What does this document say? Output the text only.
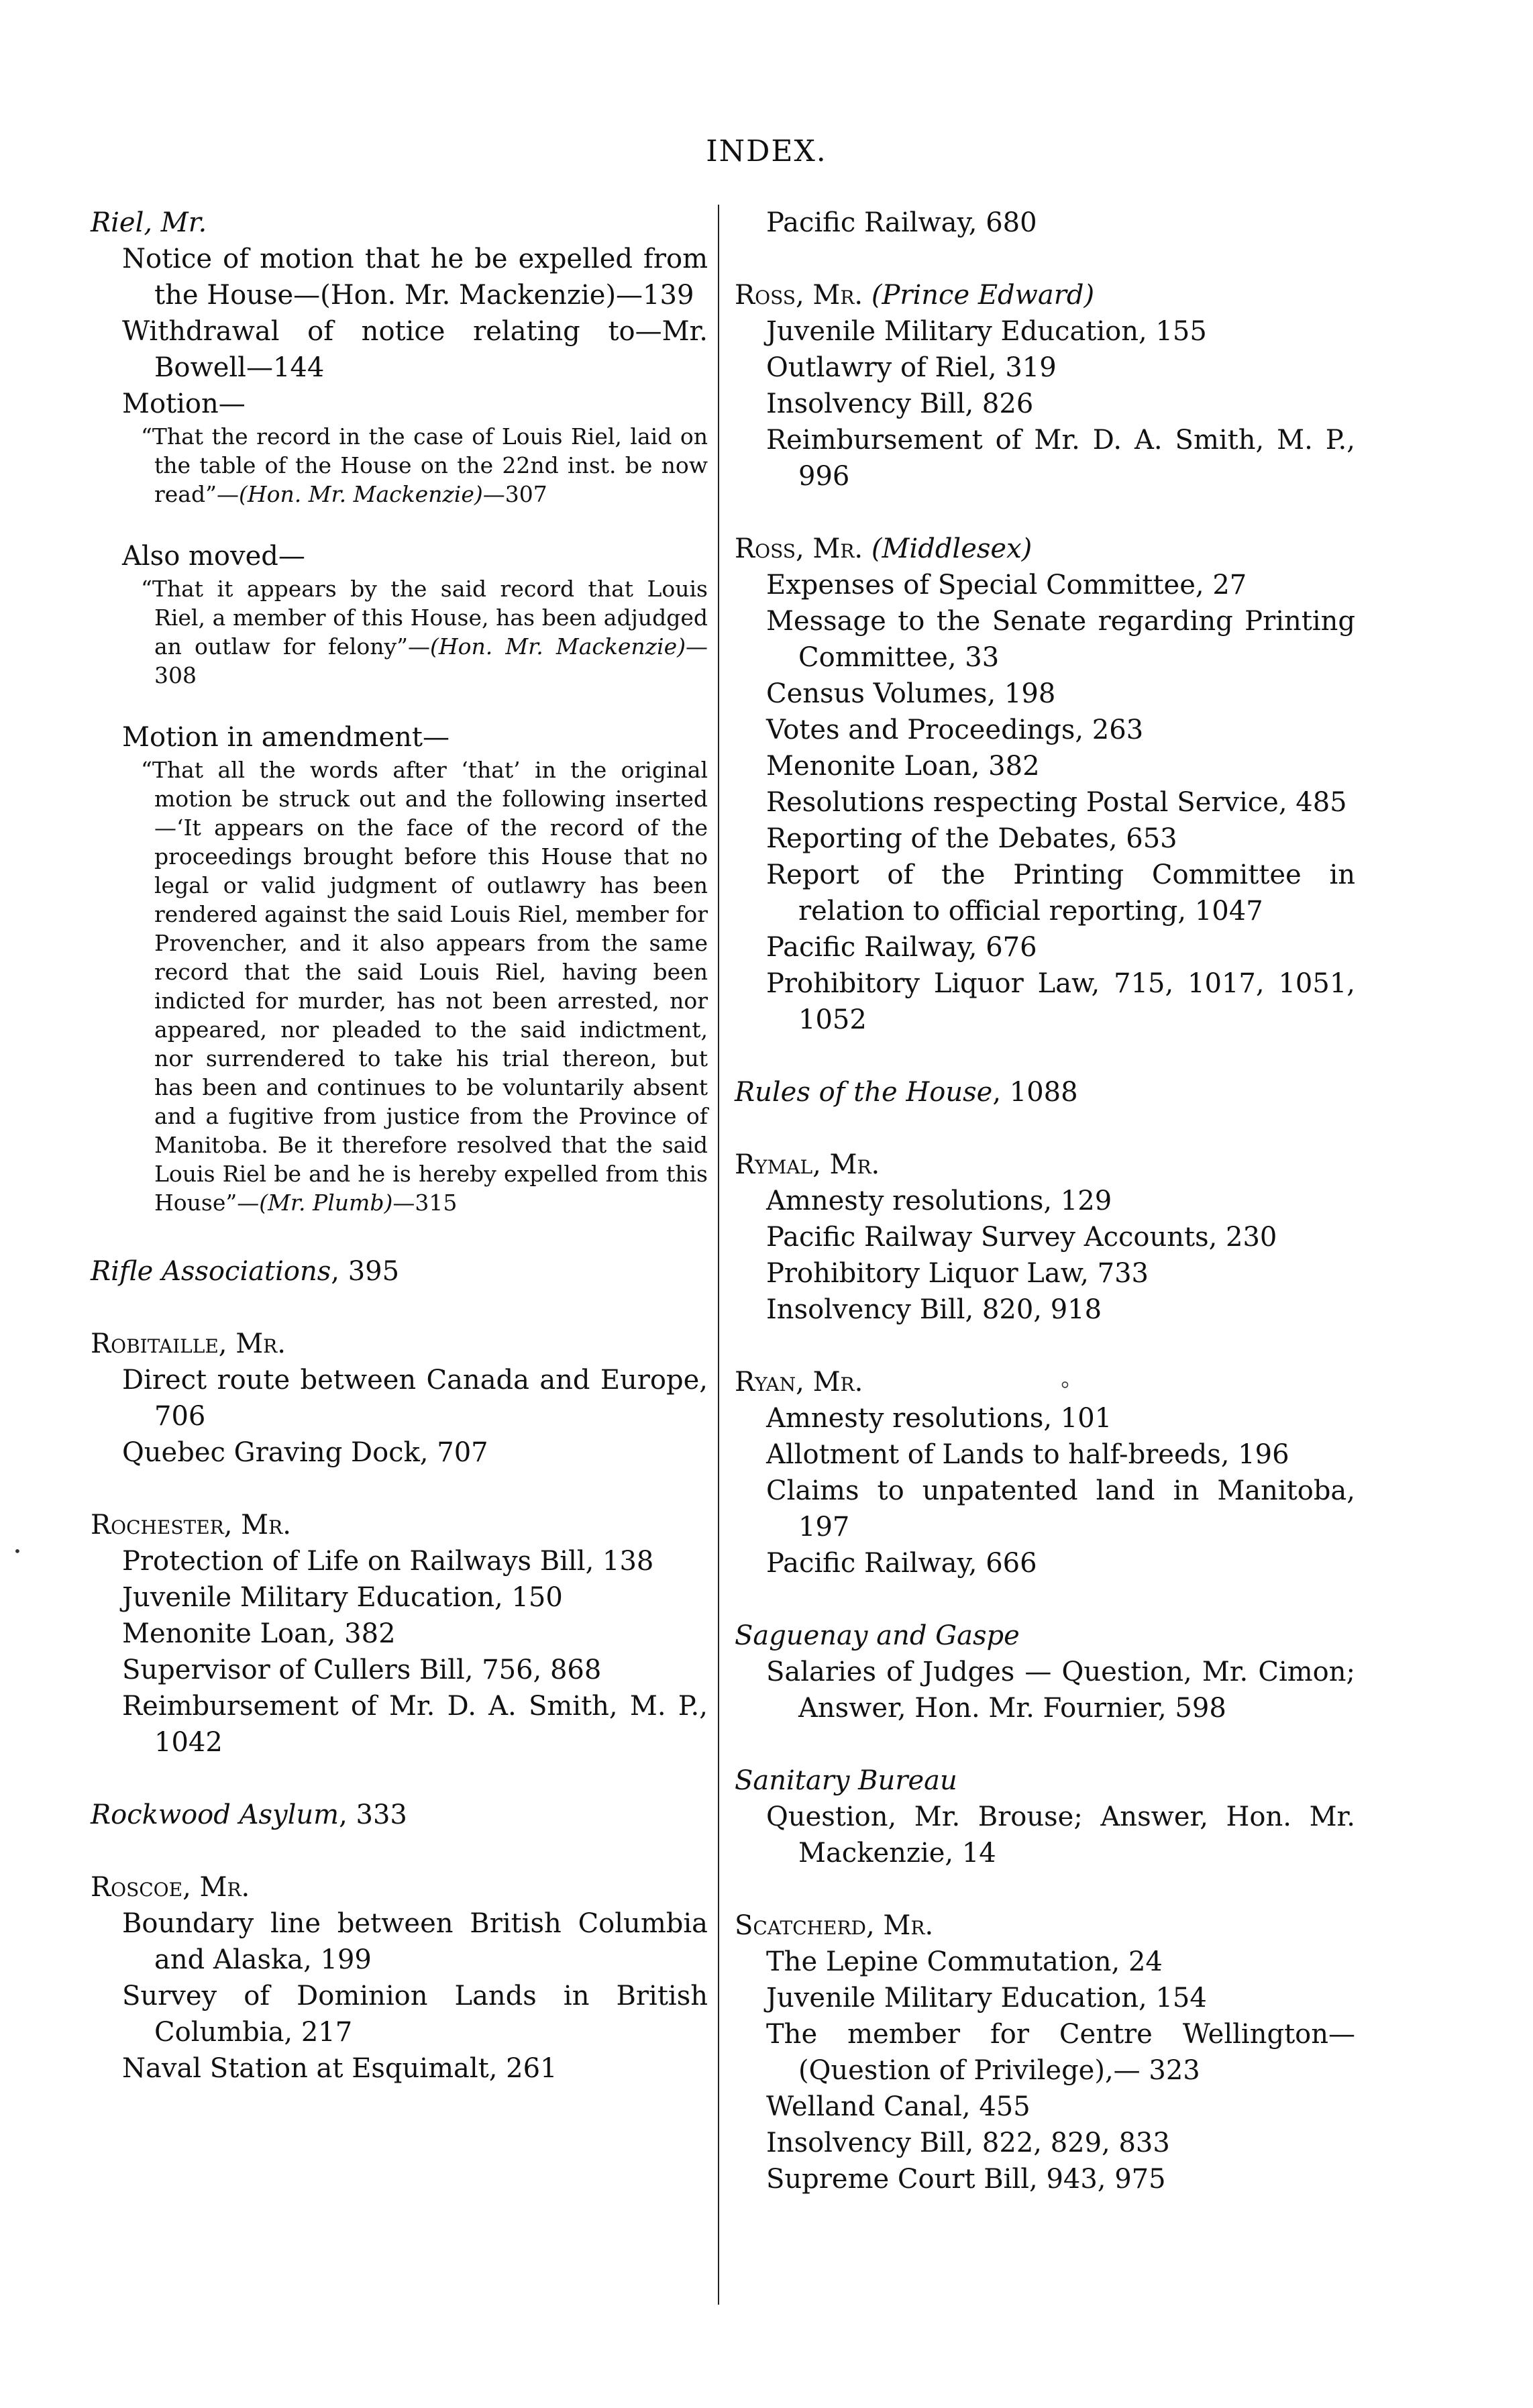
INDEX.
Riel, Mr.
Notice of motion that he be expelled from the House—(Hon. Mr. Mackenzie)—139
Withdrawal of notice relating to—Mr. Bowell—144
Motion—
“That the record in the case of Louis Riel, laid on the table of the House on the 22nd inst. be now read”—(Hon. Mr. Mackenzie)—307
Also moved—
“That it appears by the said record that Louis Riel, a member of this House, has been adjudged an outlaw for felony”—(Hon. Mr. Mackenzie)—308
Motion in amendment—
“That all the words after ‘that’ in the original motion be struck out and the following inserted—‘It appears on the face of the record of the proceedings brought before this House that no legal or valid judgment of outlawry has been rendered against the said Louis Riel, member for Provencher, and it also appears from the same record that the said Louis Riel, having been indicted for murder, has not been arrested, nor appeared, nor pleaded to the said indictment, nor surrendered to take his trial thereon, but has been and continues to be voluntarily absent and a fugitive from justice from the Province of Manitoba. Be it therefore resolved that the said Louis Riel be and he is hereby expelled from this House”—(Mr. Plumb)—315
Rifle Associations, 395
Robitaille, Mr.
Direct route between Canada and Europe, 706
Quebec Graving Dock, 707
Rochester, Mr.
Protection of Life on Railways Bill, 138
Juvenile Military Education, 150
Menonite Loan, 382
Supervisor of Cullers Bill, 756, 868
Reimbursement of Mr. D. A. Smith, M. P., 1042
Rockwood Asylum, 333
Roscoe, Mr.
Boundary line between British Columbia and Alaska, 199
Survey of Dominion Lands in British Columbia, 217
Naval Station at Esquimalt, 261
Pacific Railway, 680
Ross, Mr. (Prince Edward)
Juvenile Military Education, 155
Outlawry of Riel, 319
Insolvency Bill, 826
Reimbursement of Mr. D. A. Smith, M. P., 996
Ross, Mr. (Middlesex)
Expenses of Special Committee, 27
Message to the Senate regarding Printing Committee, 33
Census Volumes, 198
Votes and Proceedings, 263
Menonite Loan, 382
Resolutions respecting Postal Service, 485
Reporting of the Debates, 653
Report of the Printing Committee in relation to official reporting, 1047
Pacific Railway, 676
Prohibitory Liquor Law, 715, 1017, 1051, 1052
Rules of the House, 1088
Rymal, Mr.
Amnesty resolutions, 129
Pacific Railway Survey Accounts, 230
Prohibitory Liquor Law, 733
Insolvency Bill, 820, 918
Ryan, Mr.
Amnesty resolutions, 101
Allotment of Lands to half-breeds, 196
Claims to unpatented land in Manitoba, 197
Pacific Railway, 666
Saguenay and Gaspe
Salaries of Judges — Question, Mr. Cimon; Answer, Hon. Mr. Fournier, 598
Sanitary Bureau
Question, Mr. Brouse; Answer, Hon. Mr. Mackenzie, 14
Scatcherd, Mr.
The Lepine Commutation, 24
Juvenile Military Education, 154
The member for Centre Wellington—(Question of Privilege),— 323
Welland Canal, 455
Insolvency Bill, 822, 829, 833
Supreme Court Bill, 943, 975
⸰
•
